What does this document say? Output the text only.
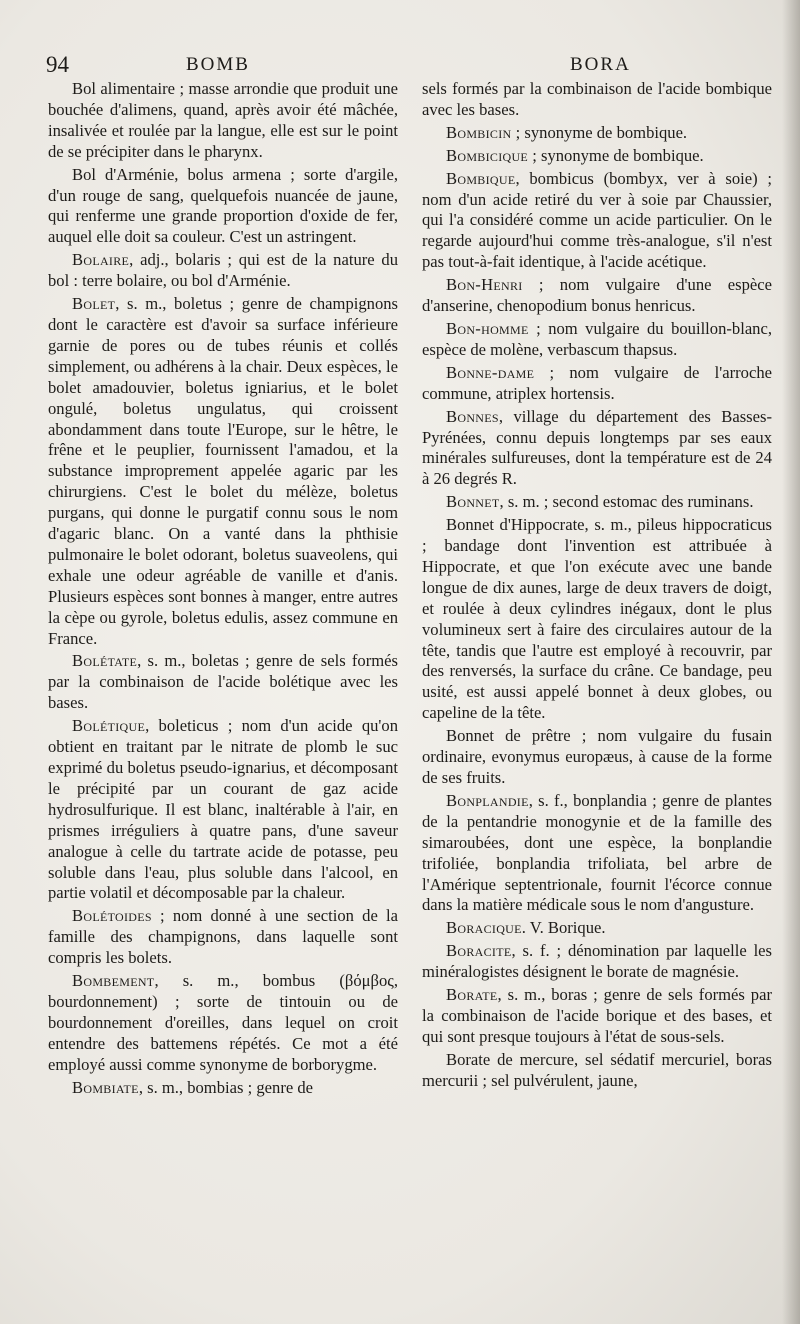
94	BOMB	BORA

Bol alimentaire ; masse arrondie que produit une bouchée d'alimens, quand, après avoir été mâchée, insalivée et roulée par la langue, elle est sur le point de se précipiter dans le pharynx.

Bol d'Arménie, bolus armena ; sorte d'argile, d'un rouge de sang, quelquefois nuancée de jaune, qui renferme une grande proportion d'oxide de fer, auquel elle doit sa couleur. C'est un astringent.

Bolaire, adj., bolaris ; qui est de la nature du bol : terre bolaire, ou bol d'Arménie.

Bolet, s. m., boletus ; genre de champignons dont le caractère est d'avoir sa surface inférieure garnie de pores ou de tubes réunis et collés simplement, ou adhérens à la chair. Deux espèces, le bolet amadouvier, boletus igniarius, et le bolet ongulé, boletus ungulatus, qui croissent abondamment dans toute l'Europe, sur le hêtre, le frêne et le peuplier, fournissent l'amadou, et la substance improprement appelée agaric par les chirurgiens. C'est le bolet du mélèze, boletus purgans, qui donne le purgatif connu sous le nom d'agaric blanc. On a vanté dans la phthisie pulmonaire le bolet odorant, boletus suaveolens, qui exhale une odeur agréable de vanille et d'anis. Plusieurs espèces sont bonnes à manger, entre autres la cèpe ou gyrole, boletus edulis, assez commune en France.

Bolétate, s. m., boletas ; genre de sels formés par la combinaison de l'acide bolétique avec les bases.

Bolétique, boleticus ; nom d'un acide qu'on obtient en traitant par le nitrate de plomb le suc exprimé du boletus pseudo-ignarius, et décomposant le précipité par un courant de gaz acide hydrosulfurique. Il est blanc, inaltérable à l'air, en prismes irréguliers à quatre pans, d'une saveur analogue à celle du tartrate acide de potasse, peu soluble dans l'eau, plus soluble dans l'alcool, en partie volatil et décomposable par la chaleur.

Bolétoides ; nom donné à une section de la famille des champignons, dans laquelle sont compris les bolets.

Bombement, s. m., bombus (βόμβος, bourdonnement) ; sorte de tintouin ou de bourdonnement d'oreilles, dans lequel on croit entendre des battemens répétés. Ce mot a été employé aussi comme synonyme de borborygme.

Bombiate, s. m., bombias ; genre de

sels formés par la combinaison de l'acide bombique avec les bases.

Bombicin ; synonyme de bombique.

Bombicique ; synonyme de bombique.

Bombique, bombicus (bombyx, ver à soie) ; nom d'un acide retiré du ver à soie par Chaussier, qui l'a considéré comme un acide particulier. On le regarde aujourd'hui comme très-analogue, s'il n'est pas tout-à-fait identique, à l'acide acétique.

Bon-Henri ; nom vulgaire d'une espèce d'anserine, chenopodium bonus henricus.

Bon-homme ; nom vulgaire du bouillon-blanc, espèce de molène, verbascum thapsus.

Bonne-dame ; nom vulgaire de l'arroche commune, atriplex hortensis.

Bonnes, village du département des Basses-Pyrénées, connu depuis longtemps par ses eaux minérales sulfureuses, dont la température est de 24 à 26 degrés R.

Bonnet, s. m. ; second estomac des ruminans.

Bonnet d'Hippocrate, s. m., pileus hippocraticus ; bandage dont l'invention est attribuée à Hippocrate, et que l'on exécute avec une bande longue de dix aunes, large de deux travers de doigt, et roulée à deux cylindres inégaux, dont le plus volumineux sert à faire des circulaires autour de la tête, tandis que l'autre est employé à recouvrir, par des renversés, la surface du crâne. Ce bandage, peu usité, est aussi appelé bonnet à deux globes, ou capeline de la tête.

Bonnet de prêtre ; nom vulgaire du fusain ordinaire, evonymus europæus, à cause de la forme de ses fruits.

Bonplandie, s. f., bonplandia ; genre de plantes de la pentandrie monogynie et de la famille des simaroubées, dont une espèce, la bonplandie trifoliée, bonplandia trifoliata, bel arbre de l'Amérique septentrionale, fournit l'écorce connue dans la matière médicale sous le nom d'angusture.

Boracique. V. Borique.

Boracite, s. f. ; dénomination par laquelle les minéralogistes désignent le borate de magnésie.

Borate, s. m., boras ; genre de sels formés par la combinaison de l'acide borique et des bases, et qui sont presque toujours à l'état de sous-sels.

Borate de mercure, sel sédatif mercuriel, boras mercurii ; sel pulvérulent, jaune,
